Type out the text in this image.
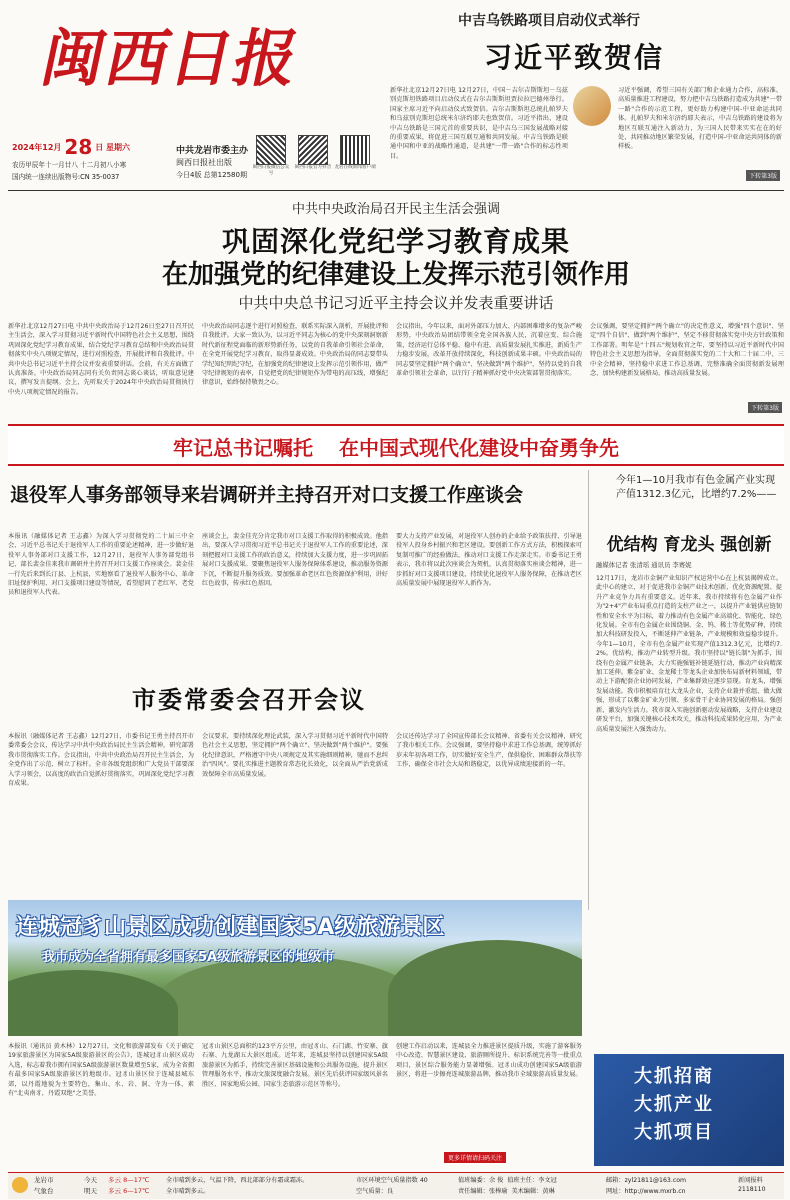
闽西日报
2024年12月 28 日 星期六
农历甲辰年十一月廿八 十二月初八小寒
国内统一连续出版物号:CN 35-0037
中共龙岩市委主办
闽西日报社出版
今日4版 总第12580期
闽西日报微信公众号
闽西日报官方抖音 龙岩在线新闻客户端
中吉乌铁路项目启动仪式举行
习近平致贺信
新华社北京12月27日电 12月27日，中国－吉尔吉斯斯坦－乌兹别克斯坦铁路项目启动仪式在吉尔吉斯斯坦贾拉拉巴德州举行。国家主席习近平向启动仪式致贺信。吉尔吉斯斯坦总统扎帕罗夫和乌兹别克斯坦总统米尔济约耶夫也致贺信。习近平指出，建设中吉乌铁路是三国元首的重要共识，是中吉乌三国发展战略对接的重要成果，将促进三国互联互通和共同发展。中吉乌铁路是联通中国和中亚的战略性通道，是共建"一带一路"合作的标志性项目。
习近平强调，希望三国有关部门和企业通力合作，高标准、高质量推进工程建设，努力把中吉乌铁路打造成为共建"一带一路"合作的示范工程，更好助力构建中国-中亚命运共同体。扎帕罗夫和米尔济约耶夫表示，中吉乌铁路的建设将为地区互联互通注入新动力，为三国人民带来实实在在的好处，共同推动地区繁荣发展，打造中国-中亚命运共同体的新样板。
下转第3版
中共中央政治局召开民主生活会强调
巩固深化党纪学习教育成果
在加强党的纪律建设上发挥示范引领作用
中共中央总书记习近平主持会议并发表重要讲话
新华社北京12月27日电 中共中央政治局于12月26日至27日召开民主生活会，深入学习贯彻习近平新时代中国特色社会主义思想，围绕巩固深化党纪学习教育成果，结合党纪学习教育总结和中央政治局贯彻落实中央八项规定情况，进行对照检查，开展批评和自我批评。中共中央总书记习近平主持会议并发表重要讲话。会前，有关方面做了认真准备。中央政治局同志同有关负责同志谈心谈话，听取意见建议，撰写发言提纲。会上，先听取关于2024年中央政治局贯彻执行中央八项规定情况的报告。
中央政治局同志逐个进行对照检查，联系实际深入剖析，开展批评和自我批评。大家一致认为，以习近平同志为核心的党中央深刻洞察新时代新征程党面临的新形势新任务，以党的自我革命引领社会革命，在全党开展党纪学习教育，取得显著成效。中央政治局的同志要带头学纪知纪明纪守纪，在加强党的纪律建设上发挥示范引领作用，做严守纪律规矩的表率，自觉把党的纪律规矩作为带电的高压线，增强纪律意识，始终保持敬畏之心。
会议指出，今年以来，面对外部压力加大、内部困难增多的复杂严峻形势，中央政治局团结带领全党全国各族人民，沉着应变、综合施策，经济运行总体平稳、稳中有进，高质量发展扎实推进，新质生产力稳步发展，改革开放持续深化，科技创新成果丰硕。中央政治局的同志要坚定拥护"两个确立"、坚决做到"两个维护"，坚持以党的自我革命引领社会革命，以钉钉子精神抓好党中央决策部署贯彻落实。
会议强调，要坚定拥护"两个确立"的决定性意义，增强"四个意识"、坚定"四个自信"、做到"两个维护"，坚定不移贯彻落实党中央方针政策和工作部署。明年是"十四五"规划收官之年，要坚持以习近平新时代中国特色社会主义思想为指导，全面贯彻落实党的二十大和二十届二中、三中全会精神，坚持稳中求进工作总基调，完整准确全面贯彻新发展理念，加快构建新发展格局，推动高质量发展。
下转第3版
牢记总书记嘱托 在中国式现代化建设中奋勇争先
退役军人事务部领导来岩调研并主持召开对口支援工作座谈会
本报讯（融媒体记者 王志鑫）为深入学习贯彻党的二十届三中全会、习近平总书记关于退役军人工作的重要论述精神，进一步做好退役军人事务部对口支援工作，12月27日，退役军人事务部党组书记、部长裴金佳来我市调研并主持召开对口支援工作座谈会。裴金佳一行先后来到长汀县、上杭县，实地察看了退役军人服务中心、革命旧址保护利用、对口支援项目建设等情况，看望慰问了老红军、老党员和退役军人代表。
座谈会上，裴金佳充分肯定我市对口支援工作取得的积极成效。他指出，要深入学习贯彻习近平总书记关于退役军人工作的重要论述，深刻把握对口支援工作的政治意义，持续加大支援力度，进一步巩固拓展对口支援成果。要聚焦退役军人服务保障体系建设，推动服务资源下沉，不断提升服务质效。要加强革命老区红色资源保护利用，讲好红色故事，传承红色基因。
要大力支持产业发展，对退役军人创办的企业给予政策扶持，引导退役军人投身乡村振兴和老区建设。要创新工作方式方法，积极探索可复制可推广的经验做法，推动对口支援工作走深走实。市委书记王勇表示，我市将以此次座谈会为契机，认真贯彻落实座谈会精神，进一步抓好对口支援项目建设，持续优化退役军人服务保障，在推动老区高质量发展中展现退役军人新作为。
市委常委会召开会议
本报讯（融媒体记者 王志鑫）12月27日，市委书记王勇主持召开市委常委会会议，传达学习中共中央政治局民主生活会精神，研究部署我市贯彻落实工作。会议指出，中共中央政治局召开民主生活会，为全党作出了示范、树立了标杆。全市各级党组织和广大党员干部要深入学习领会，以高度的政治自觉抓好贯彻落实，巩固深化党纪学习教育成果。
会议要求，要持续深化理论武装，深入学习贯彻习近平新时代中国特色社会主义思想，坚定拥护"两个确立"、坚决做到"两个维护"。要强化纪律意识，严格遵守中央八项规定及其实施细则精神，驰而不息纠治"四风"。要扎实推进主题教育常态化长效化，以全面从严治党新成效保障全市高质量发展。
会议还传达学习了全国宣传部长会议精神、省委有关会议精神，研究了我市相关工作。会议强调，要坚持稳中求进工作总基调，统筹抓好岁末年初各项工作，切实做好安全生产、保供稳价、困难群众帮扶等工作，确保全市社会大局和谐稳定，以优异成绩迎接新的一年。
连城冠豸山景区成功创建国家5A级旅游景区
我市成为全省拥有最多国家5A级旅游景区的地级市
本报讯（通讯员 黄木林）12月27日，文化和旅游部发布《关于确定19家旅游景区为国家5A级旅游景区的公告》，连城冠豸山景区成功入选，标志着我市拥有国家5A级旅游景区数量增至5家，成为全省拥有最多国家5A级旅游景区的地级市。冠豸山景区位于连城县城东郊，以丹霞地貌为主要特色，集山、水、岩、洞、寺为一体，素有"北夷南豸，丹霞双绝"之美誉。
冠豸山景区总面积约123平方公里，由冠豸山、石门湖、竹安寨、旗石寨、九龙湖五大景区组成。近年来，连城县坚持以创建国家5A级旅游景区为抓手，持续完善景区基础设施和公共服务设施，提升景区管理服务水平，推动文旅深度融合发展。景区先后获评国家级风景名胜区、国家地质公园、国家生态旅游示范区等称号。
创建工作启动以来，连城县全力推进景区提质升级，实施了游客服务中心改造、智慧景区建设、旅游厕所提升、标识系统完善等一批重点项目，景区综合服务能力显著增强。冠豸山成功创建国家5A级旅游景区，将进一步擦亮连城旅游品牌，推动我市全域旅游高质量发展。
更多详情请扫码关注
今年1—10月我市有色金属产业实现产值1312.3亿元，比增约7.2%——
优结构 育龙头 强创新
融媒体记者 张清瑶 通讯员 李赛妮
12月17日，龙岩市金铜产业知识产权运营中心在上杭县揭牌成立。此中心的建立，对于促进我市金铜产业技术创新、优化资源配置、提升产业竞争力具有重要意义。近年来，我市持续将有色金属产业作为"2+4"产业布局重点打造的支柱产业之一，以提升产业链供应链韧性和安全水平为目标，着力推动有色金属产业高端化、智能化、绿色化发展。全市有色金属企业围绕铜、金、钨、稀土等优势矿种，持续加大科技研发投入，不断延伸产业链条，产业规模和效益稳步提升。今年1—10月，全市有色金属产业实现产值1312.3亿元，比增约7.2%。优结构，推动产业转型升级。我市坚持以"链长制"为抓手，围绕有色金属产业链条，大力实施强链补链延链行动，推动产业向精深加工延伸。紫金矿业、金龙稀土等龙头企业加快布局新材料领域，带动上下游配套企业协同发展，产业集群效应逐步显现。育龙头，增强发展动能。我市积极培育壮大龙头企业，支持企业兼并重组、做大做强，形成了以紫金矿业为引领、多家骨干企业协同发展的格局。强创新，激发内生活力。我市深入实施创新驱动发展战略，支持企业建设研发平台，加强关键核心技术攻关，推动科技成果转化应用，为产业高质量发展注入强劲动力。
大抓招商
大抓产业
大抓项目
龙岩市
气象台
今天 多云 8—17℃
明天 多云 6—17℃
全市晴到多云，气温下降，西北部部分有霜或霜冻。
全市晴到多云。
市区环境空气质量指数 40
空气质量：良
值班编委：余 俊 值班主任：李文冠
责任编辑：张棒瑜 美术编辑：黄琳
邮箱：zyl21811@163.com
网址：http://www.mxrb.cn
新闻报料
2118110
